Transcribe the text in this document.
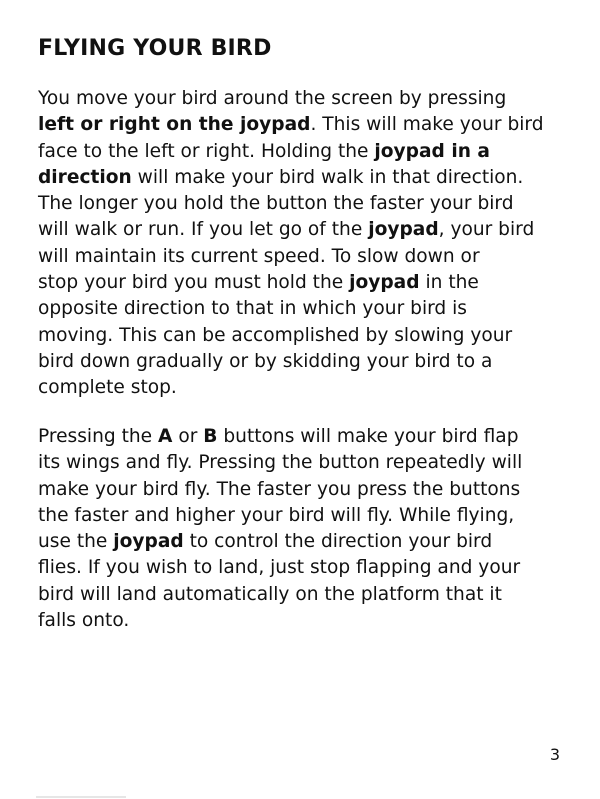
FLYING YOUR BIRD

You move your bird around the screen by pressing
left or right on the joypad. This will make your bird
face to the left or right. Holding the joypad in a
direction will make your bird walk in that direction.
The longer you hold the button the faster your bird
will walk or run. If you let go of the joypad, your bird
will maintain its current speed. To slow down or
stop your bird you must hold the joypad in the
opposite direction to that in which your bird is
moving. This can be accomplished by slowing your
bird down gradually or by skidding your bird to a
complete stop.

Pressing the A or B buttons will make your bird flap
its wings and fly. Pressing the button repeatedly will
make your bird fly. The faster you press the buttons
the faster and higher your bird will fly. While flying,
use the joypad to control the direction your bird
flies. If you wish to land, just stop flapping and your
bird will land automatically on the platform that it
falls onto.

3
